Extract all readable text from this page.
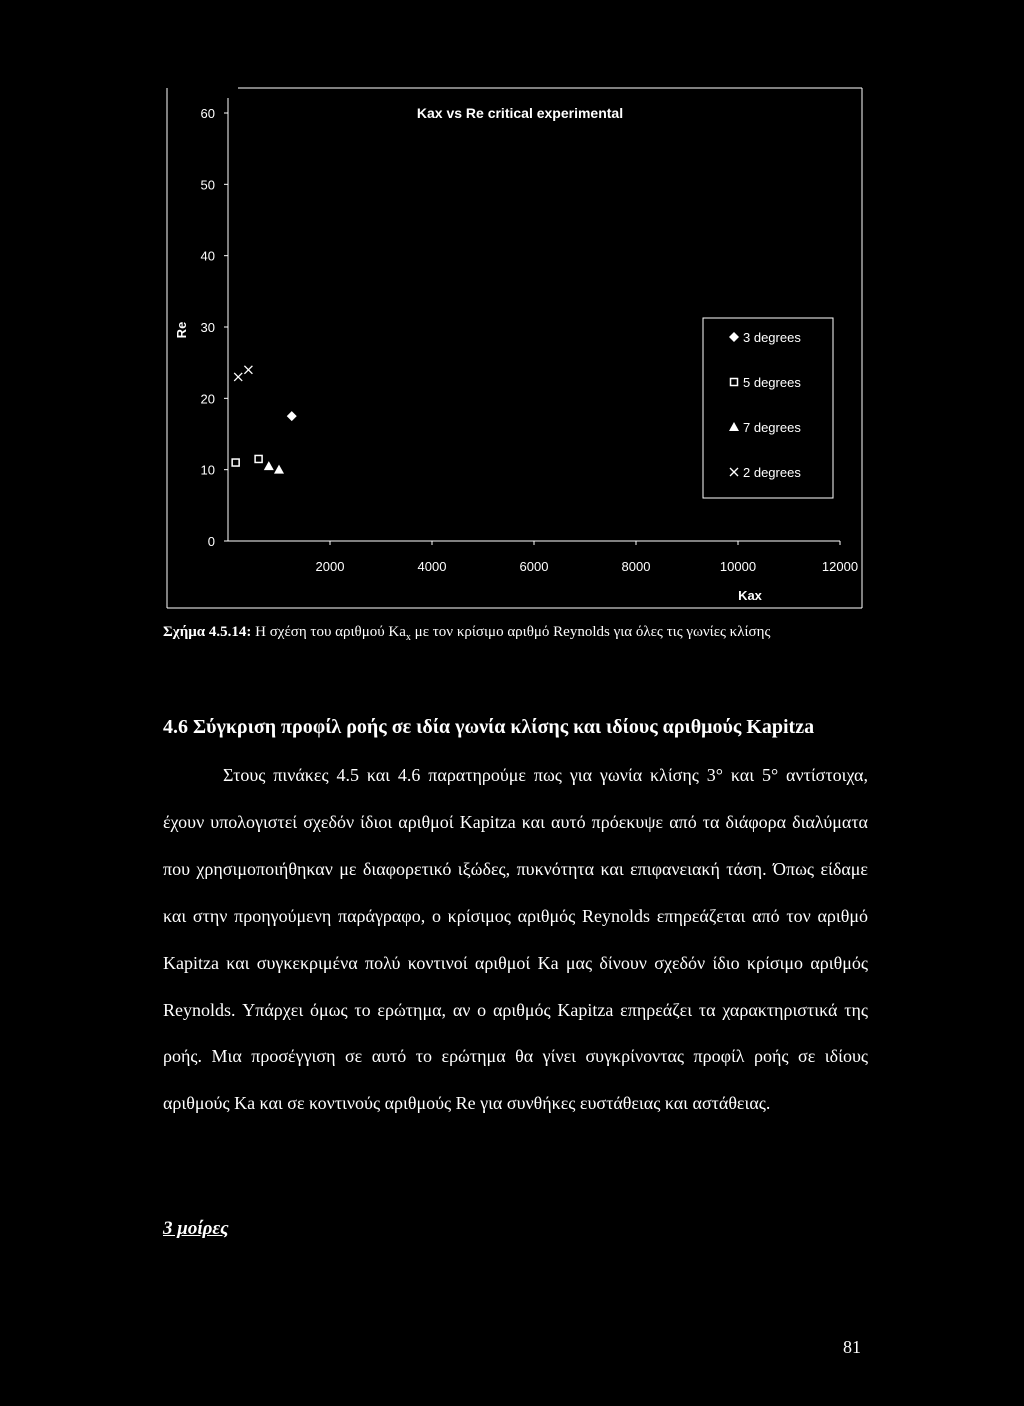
Kax vs Re critical experimental
Re
Kax
0
10
20
30
40
50
60
2000	4000	6000	8000	10000	12000
3 degrees
5 degrees
7 degrees
2 degrees
Σχήμα 4.5.14: Η σχέση του αριθμού $Ka_x$ με τον κρίσιμο αριθμό Reynolds για όλες τις γωνίες κλίσης
4.6 Σύγκριση προφίλ ροής σε ιδία γωνία κλίσης και ιδίους αριθμούς Kapitza

Στους πινάκες 4.5 και 4.6 παρατηρούμε πως για γωνία κλίσης 3° και 5° αντίστοιχα, έχουν υπολογιστεί σχεδόν ίδιοι αριθμοί Kapitza και αυτό πρόεκυψε από τα διάφορα διαλύματα που χρησιμοποιήθηκαν με διαφορετικό ιξώδες, πυκνότητα και επιφανειακή τάση. Όπως είδαμε και στην προηγούμενη παράγραφο, ο κρίσιμος αριθμός Reynolds επηρεάζεται από τον αριθμό Kapitza και συγκεκριμένα πολύ κοντινοί αριθμοί Ka μας δίνουν σχεδόν ίδιο κρίσιμο αριθμός Reynolds. Υπάρχει όμως το ερώτημα, αν ο αριθμός Kapitza επηρεάζει τα χαρακτηριστικά της ροής. Μια προσέγγιση σε αυτό το ερώτημα θα γίνει συγκρίνοντας προφίλ ροής σε ιδίους αριθμούς Ka και σε κοντινούς αριθμούς Re για συνθήκες ευστάθειας και αστάθειας.

3 μοίρες
81
